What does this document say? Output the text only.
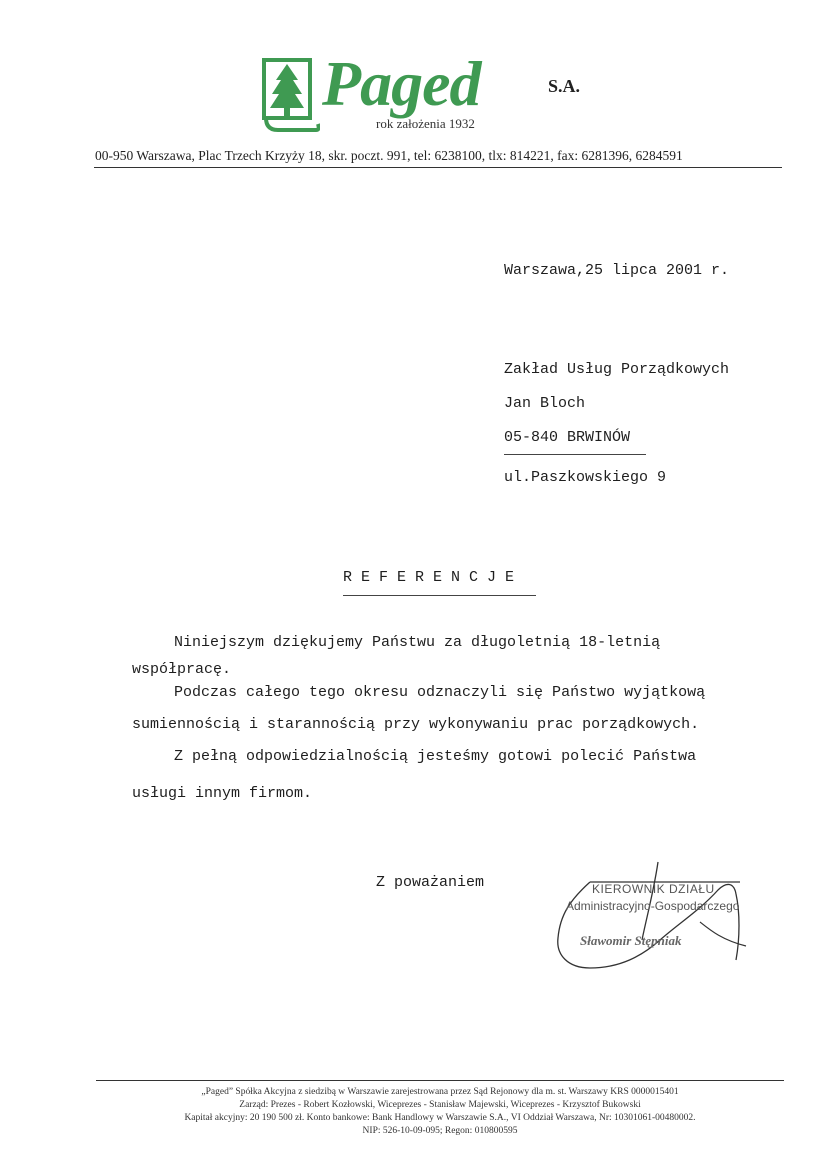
Paged	S.A.
rok założenia 1932
00-950 Warszawa, Plac Trzech Krzyży 18, skr. poczt. 991, tel: 6238100, tlx: 814221, fax: 6281396, 6284591
Warszawa,25 lipca 2001 r.
Zakład Usług Porządkowych
Jan Bloch
05-840 BRWINÓW
ul.Paszkowskiego 9
R E F E R E N C J E
Niniejszym dziękujemy Państwu za długoletnią 18-letnią
współpracę.
Podczas całego tego okresu odznaczyli się Państwo wyjątkową
sumiennością i starannością przy wykonywaniu prac porządkowych.
Z pełną odpowiedzialnością jesteśmy gotowi polecić Państwa
usługi innym firmom.
Z poważaniem	KIEROWNIK DZIAŁU
Administracyjno-Gospodarczego
Sławomir Stępniak
„Paged” Spółka Akcyjna z siedzibą w Warszawie zarejestrowana przez Sąd Rejonowy dla m. st. Warszawy KRS 0000015401
Zarząd: Prezes - Robert Kozłowski, Wiceprezes - Stanisław Majewski, Wiceprezes - Krzysztof Bukowski
Kapitał akcyjny: 20 190 500 zł. Konto bankowe: Bank Handlowy w Warszawie S.A., VI Oddział Warszawa, Nr: 10301061-00480002.
NIP: 526-10-09-095; Regon: 010800595
